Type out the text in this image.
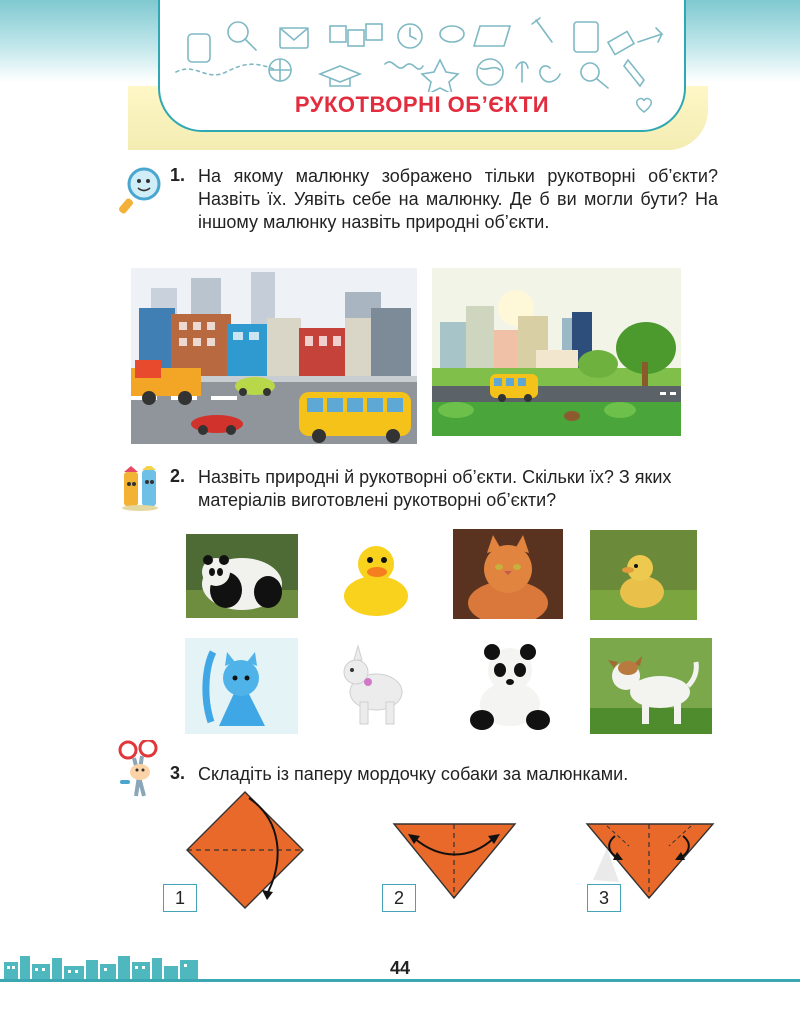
РУКОТВОРНІ ОБ’ЄКТИ
1. На якому малюнку зображено тільки рукотворні об’єкти? Назвіть їх. Уявіть себе на малюнку. Де б ви могли бути? На іншому малюнку назвіть природні об’єкти.
2. Назвіть природні й рукотворні об’єкти. Скільки їх? З яких матеріалів виготовлені рукотворні об’єкти?
3. Складіть із паперу мордочку собаки за малюнками.
1	2	3
44
